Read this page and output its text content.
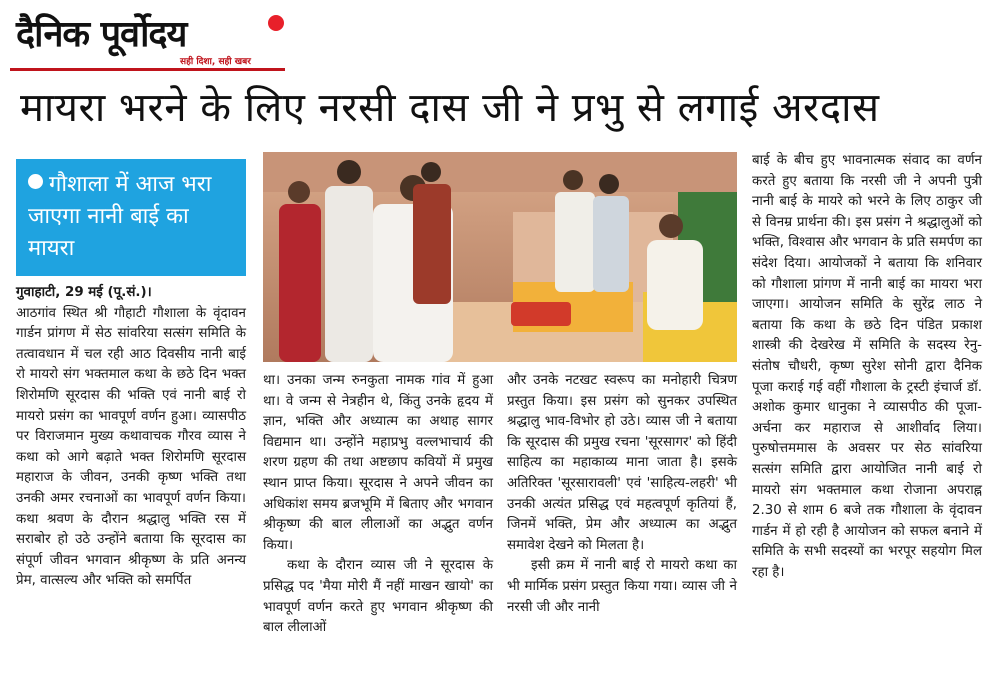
दैनिक पूर्वोदय
सही दिशा, सही खबर
मायरा भरने के लिए नरसी दास जी ने प्रभु से लगाई अरदास
गौशाला में आज भरा जाएगा नानी बाई का मायरा

गुवाहाटी, 29 मई (पू.सं.)।

आठगांव स्थित श्री गौहाटी गौशाला के वृंदावन गार्डन प्रांगण में सेठ सांवरिया सत्संग समिति के तत्वावधान में चल रही आठ दिवसीय नानी बाई रो मायरो संग भक्तमाल कथा के छठे दिन भक्त शिरोमणि सूरदास की भक्ति एवं नानी बाई रो मायरो प्रसंग का भावपूर्ण वर्णन हुआ। व्यासपीठ पर विराजमान मुख्य कथावाचक गौरव व्यास ने कथा को आगे बढ़ाते भक्त शिरोमणि सूरदास महाराज के जीवन, उनकी कृष्ण भक्ति तथा उनकी अमर रचनाओं का भावपूर्ण वर्णन किया। कथा श्रवण के दौरान श्रद्धालु भक्ति रस में सराबोर हो उठे उन्होंने बताया कि सूरदास का संपूर्ण जीवन भगवान श्रीकृष्ण के प्रति अनन्य प्रेम, वात्सल्य और भक्ति को समर्पित

था। उनका जन्म रुनकुता नामक गांव में हुआ था। वे जन्म से नेत्रहीन थे, किंतु उनके हृदय में ज्ञान, भक्ति और अध्यात्म का अथाह सागर विद्यमान था। उन्होंने महाप्रभु वल्लभाचार्य की शरण ग्रहण की तथा अष्टछाप कवियों में प्रमुख स्थान प्राप्त किया। सूरदास ने अपने जीवन का अधिकांश समय ब्रजभूमि में बिताए और भगवान श्रीकृष्ण की बाल लीलाओं का अद्भुत वर्णन किया।

कथा के दौरान व्यास जी ने सूरदास के प्रसिद्ध पद 'मैया मोरी मैं नहीं माखन खायो' का भावपूर्ण वर्णन करते हुए भगवान श्रीकृष्ण की बाल लीलाओं

और उनके नटखट स्वरूप का मनोहारी चित्रण प्रस्तुत किया। इस प्रसंग को सुनकर उपस्थित श्रद्धालु भाव-विभोर हो उठे। व्यास जी ने बताया कि सूरदास की प्रमुख रचना 'सूरसागर' को हिंदी साहित्य का महाकाव्य माना जाता है। इसके अतिरिक्त 'सूरसारावली' एवं 'साहित्य-लहरी' भी उनकी अत्यंत प्रसिद्ध एवं महत्वपूर्ण कृतियां हैं, जिनमें भक्ति, प्रेम और अध्यात्म का अद्भुत समावेश देखने को मिलता है।

इसी क्रम में नानी बाई रो मायरो कथा का भी मार्मिक प्रसंग प्रस्तुत किया गया। व्यास जी ने नरसी जी और नानी

बाई के बीच हुए भावनात्मक संवाद का वर्णन करते हुए बताया कि नरसी जी ने अपनी पुत्री नानी बाई के मायरे को भरने के लिए ठाकुर जी से विनम्र प्रार्थना की। इस प्रसंग ने श्रद्धालुओं को भक्ति, विश्वास और भगवान के प्रति समर्पण का संदेश दिया। आयोजकों ने बताया कि शनिवार को गौशाला प्रांगण में नानी बाई का मायरा भरा जाएगा। आयोजन समिति के सुरेंद्र लाठ ने बताया कि कथा के छठे दिन पंडित प्रकाश शास्त्री की देखरेख में समिति के सदस्य रेनु-संतोष चौधरी, कृष्ण सुरेश सोनी द्वारा दैनिक पूजा कराई गई वहीं गौशाला के ट्रस्टी इंचार्ज डॉ. अशोक कुमार धानुका ने व्यासपीठ की पूजा-अर्चना कर महाराज से आशीर्वाद लिया। पुरुषोत्तममास के अवसर पर सेठ सांवरिया सत्संग समिति द्वारा आयोजित नानी बाई रो मायरो संग भक्तमाल कथा रोजाना अपराह्न 2.30 से शाम 6 बजे तक गौशाला के वृंदावन गार्डन में हो रही है आयोजन को सफल बनाने में समिति के सभी सदस्यों का भरपूर सहयोग मिल रहा है।
